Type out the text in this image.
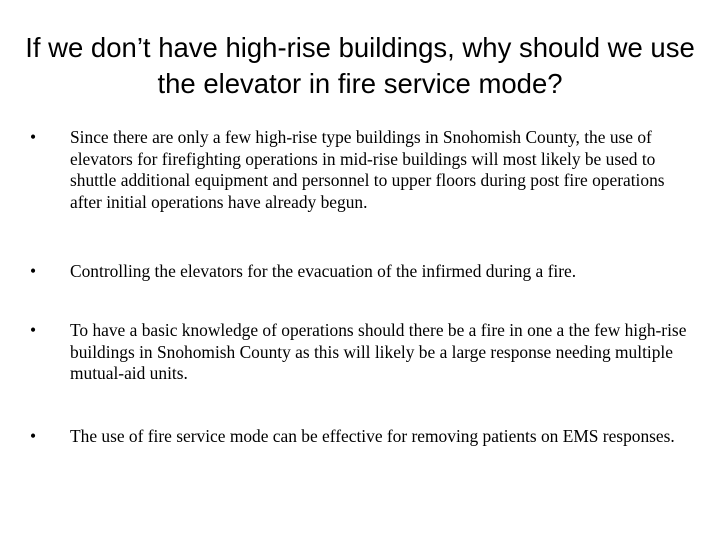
If we don’t have high-rise buildings, why should we use the elevator in fire service mode?
•	Since there are only a few high-rise type buildings in Snohomish County, the use of elevators for firefighting operations in mid-rise buildings will most likely be used to shuttle additional equipment and personnel to upper floors during post fire operations after initial operations have already begun.
•	Controlling the elevators for the evacuation of the infirmed during a fire.
•	To have a basic knowledge of operations should there be a fire in one a the few high-rise buildings in Snohomish County as this will likely be a large response needing multiple mutual-aid units.
•	The use of fire service mode can be effective for removing patients on EMS responses.
